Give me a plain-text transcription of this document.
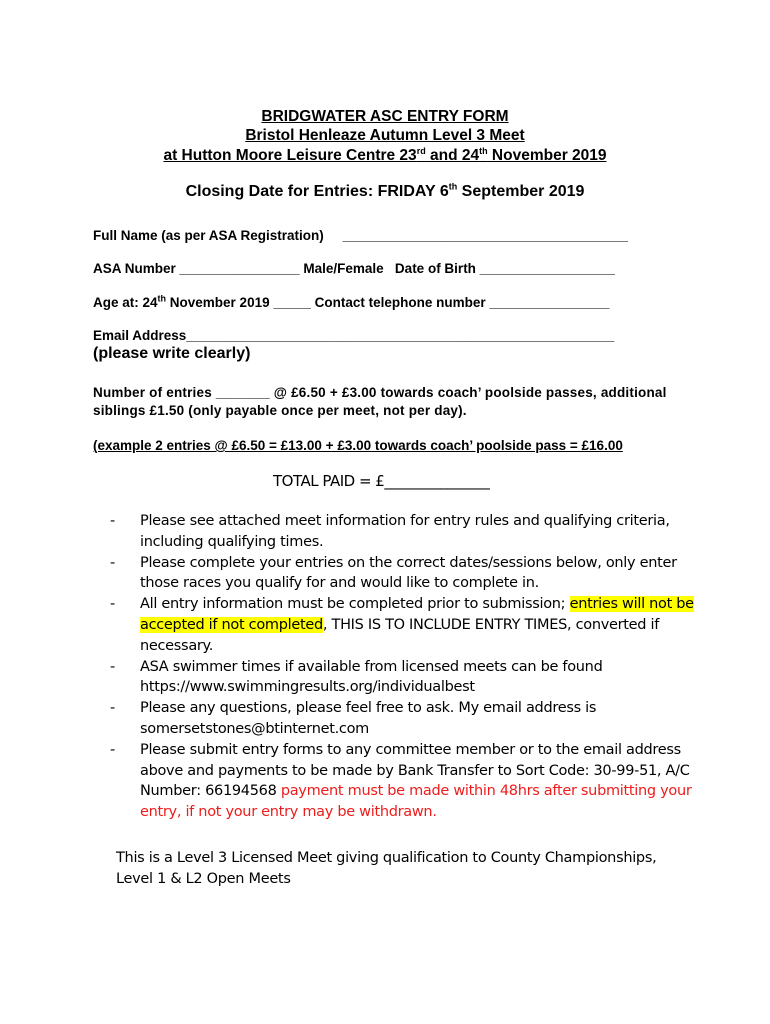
BRIDGWATER ASC ENTRY FORM
Bristol Henleaze Autumn Level 3 Meet
at Hutton Moore Leisure Centre 23rd and 24th November 2019
Closing Date for Entries: FRIDAY 6th September 2019
Full Name (as per ASA Registration)     ______________________________________
ASA Number ________________ Male/Female   Date of Birth __________________
Age at: 24th November 2019 _____ Contact telephone number ________________
Email Address_________________________________________________________
(please write clearly)
Number of entries _______ @ £6.50 + £3.00 towards coach’ poolside passes, additional siblings £1.50 (only payable once per meet, not per day).
(example 2 entries @ £6.50 = £13.00 + £3.00 towards coach’ poolside pass = £16.00
TOTAL PAID = £_______________
- Please see attached meet information for entry rules and qualifying criteria, including qualifying times.
- Please complete your entries on the correct dates/sessions below, only enter those races you qualify for and would like to complete in.
- All entry information must be completed prior to submission; entries will not be accepted if not completed, THIS IS TO INCLUDE ENTRY TIMES, converted if necessary.
- ASA swimmer times if available from licensed meets can be found https://www.swimmingresults.org/individualbest
- Please any questions, please feel free to ask. My email address is somersetstones@btinternet.com
- Please submit entry forms to any committee member or to the email address above and payments to be made by Bank Transfer to Sort Code: 30-99-51, A/C Number: 66194568 payment must be made within 48hrs after submitting your entry, if not your entry may be withdrawn.
This is a Level 3 Licensed Meet giving qualification to County Championships, Level 1 & L2 Open Meets
